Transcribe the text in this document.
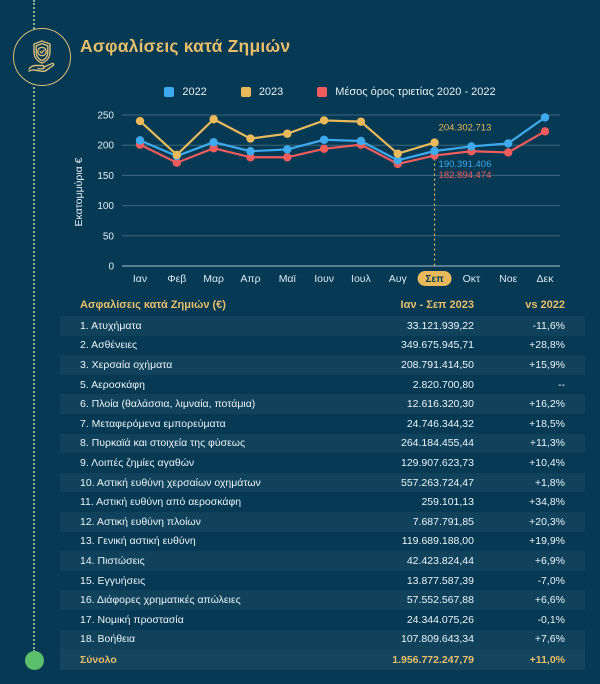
Ασφαλίσεις κατά Ζημιών
2022	2023	Μέσος όρος τριετίας 2020 - 2022
0
50
100
150
200
250
Εκατομμύρια €
Ιαν Φεβ Μαρ Απρ Μαϊ Ιουν Ιουλ Αυγ Σεπ Οκτ Νοε Δεκ
204.302.713
190.391.406
182.894.474
Ασφαλίσεις κατά Ζημιών (€)	Ιαν - Σεπ 2023	vs 2022
1. Ατυχήματα	33.121.939,22	-11,6%
2. Ασθένειες	349.675.945,71	+28,8%
3. Χερσαία οχήματα	208.791.414,50	+15,9%
5. Αεροσκάφη	2.820.700,80	--
6. Πλοία (θαλάσσια, λιμναία, ποτάμια)	12.616.320,30	+16,2%
7. Μεταφερόμενα εμπορεύματα	24.746.344,32	+18,5%
8. Πυρκαϊά και στοιχεία της φύσεως	264.184.455,44	+11,3%
9. Λοιπές ζημίες αγαθών	129.907.623,73	+10,4%
10. Αστική ευθύνη χερσαίων οχημάτων	557.263.724,47	+1,8%
11. Αστική ευθύνη από αεροσκάφη	259.101,13	+34,8%
12. Αστική ευθύνη πλοίων	7.687.791,85	+20,3%
13. Γενική αστική ευθύνη	119.689.188,00	+19,9%
14. Πιστώσεις	42.423.824,44	+6,9%
15. Εγγυήσεις	13.877.587,39	-7,0%
16. Διάφορες χρηματικές απώλειες	57.552.567,88	+6,6%
17. Νομική προστασία	24.344.075,26	-0,1%
18. Βοήθεια	107.809.643,34	+7,6%
Σύνολο	1.956.772.247,79	+11,0%
